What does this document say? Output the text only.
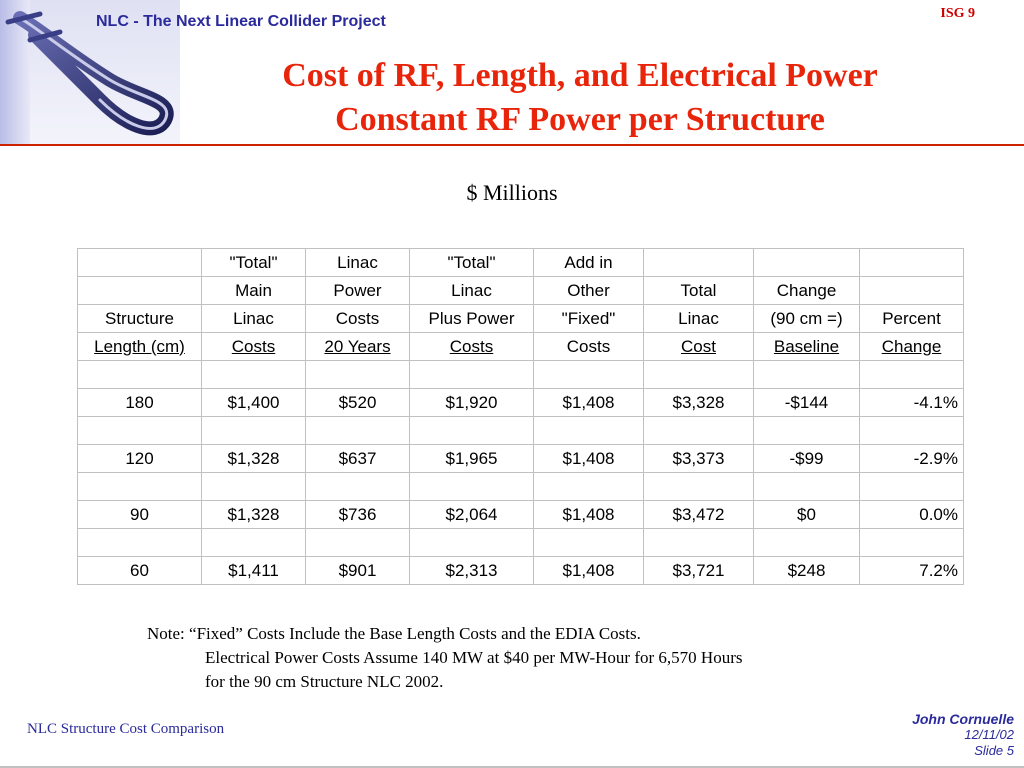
NLC - The Next Linear Collider Project	ISG 9
Cost of RF, Length, and Electrical Power
Constant RF Power per Structure
$ Millions
	"Total"	Linac	"Total"	Add in			
	Main	Power	Linac	Other	Total	Change	
Structure	Linac	Costs	Plus Power	"Fixed"	Linac	(90 cm =)	Percent
Length (cm)	Costs	20 Years	Costs	Costs	Cost	Baseline	Change

180	$1,400	$520	$1,920	$1,408	$3,328	-$144	-4.1%

120	$1,328	$637	$1,965	$1,408	$3,373	-$99	-2.9%

90	$1,328	$736	$2,064	$1,408	$3,472	$0	0.0%

60	$1,411	$901	$2,313	$1,408	$3,721	$248	7.2%
Note: “Fixed” Costs Include the Base Length Costs and the EDIA Costs.
Electrical Power Costs Assume 140 MW at $40 per MW-Hour for 6,570 Hours
for the 90 cm Structure NLC 2002.
NLC Structure Cost Comparison
John Cornuelle
12/11/02
Slide 5
